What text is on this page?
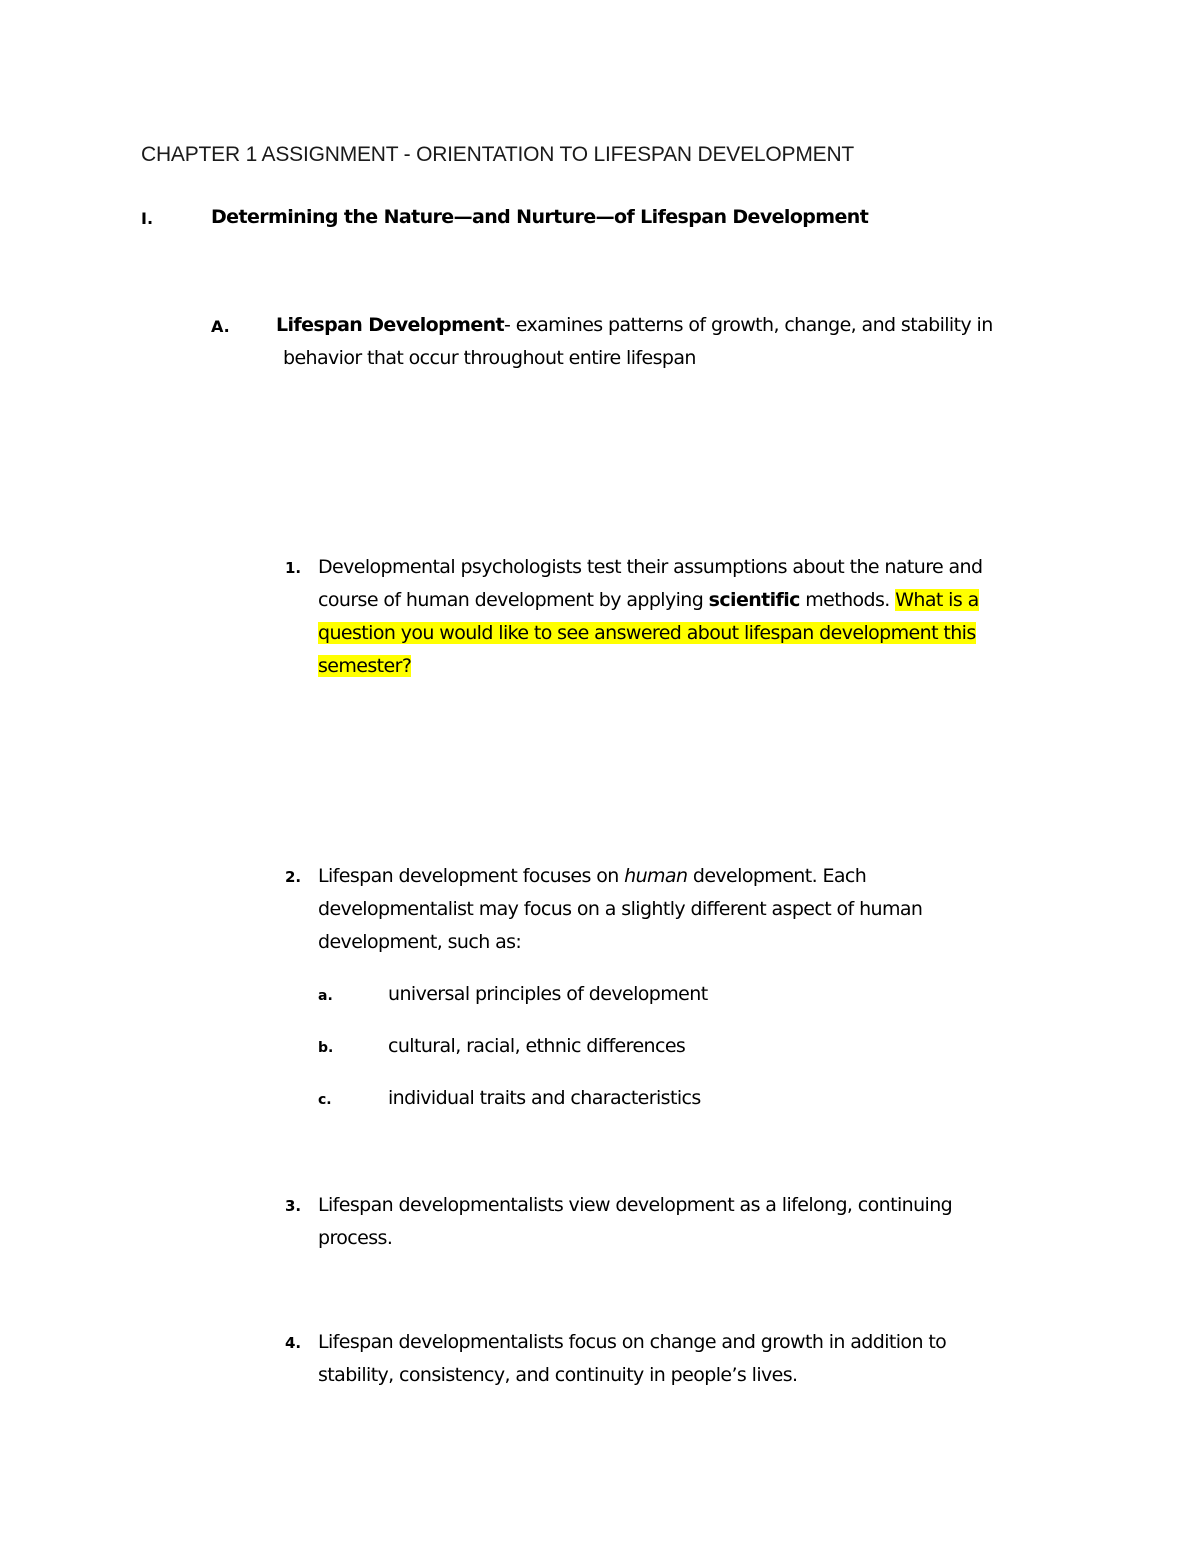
CHAPTER 1 ASSIGNMENT - ORIENTATION TO LIFESPAN DEVELOPMENT
I.	Determining the Nature—and Nurture—of Lifespan Development
A. Lifespan Development- examines patterns of growth, change, and stability in
behavior that occur throughout entire lifespan
1. Developmental psychologists test their assumptions about the nature and
course of human development by applying scientific methods. What is a
question you would like to see answered about lifespan development this
semester?
2. Lifespan development focuses on human development. Each
developmentalist may focus on a slightly different aspect of human
development, such as:
a.	universal principles of development
b.	cultural, racial, ethnic differences
c.	individual traits and characteristics
3. Lifespan developmentalists view development as a lifelong, continuing
process.
4. Lifespan developmentalists focus on change and growth in addition to
stability, consistency, and continuity in people’s lives.
